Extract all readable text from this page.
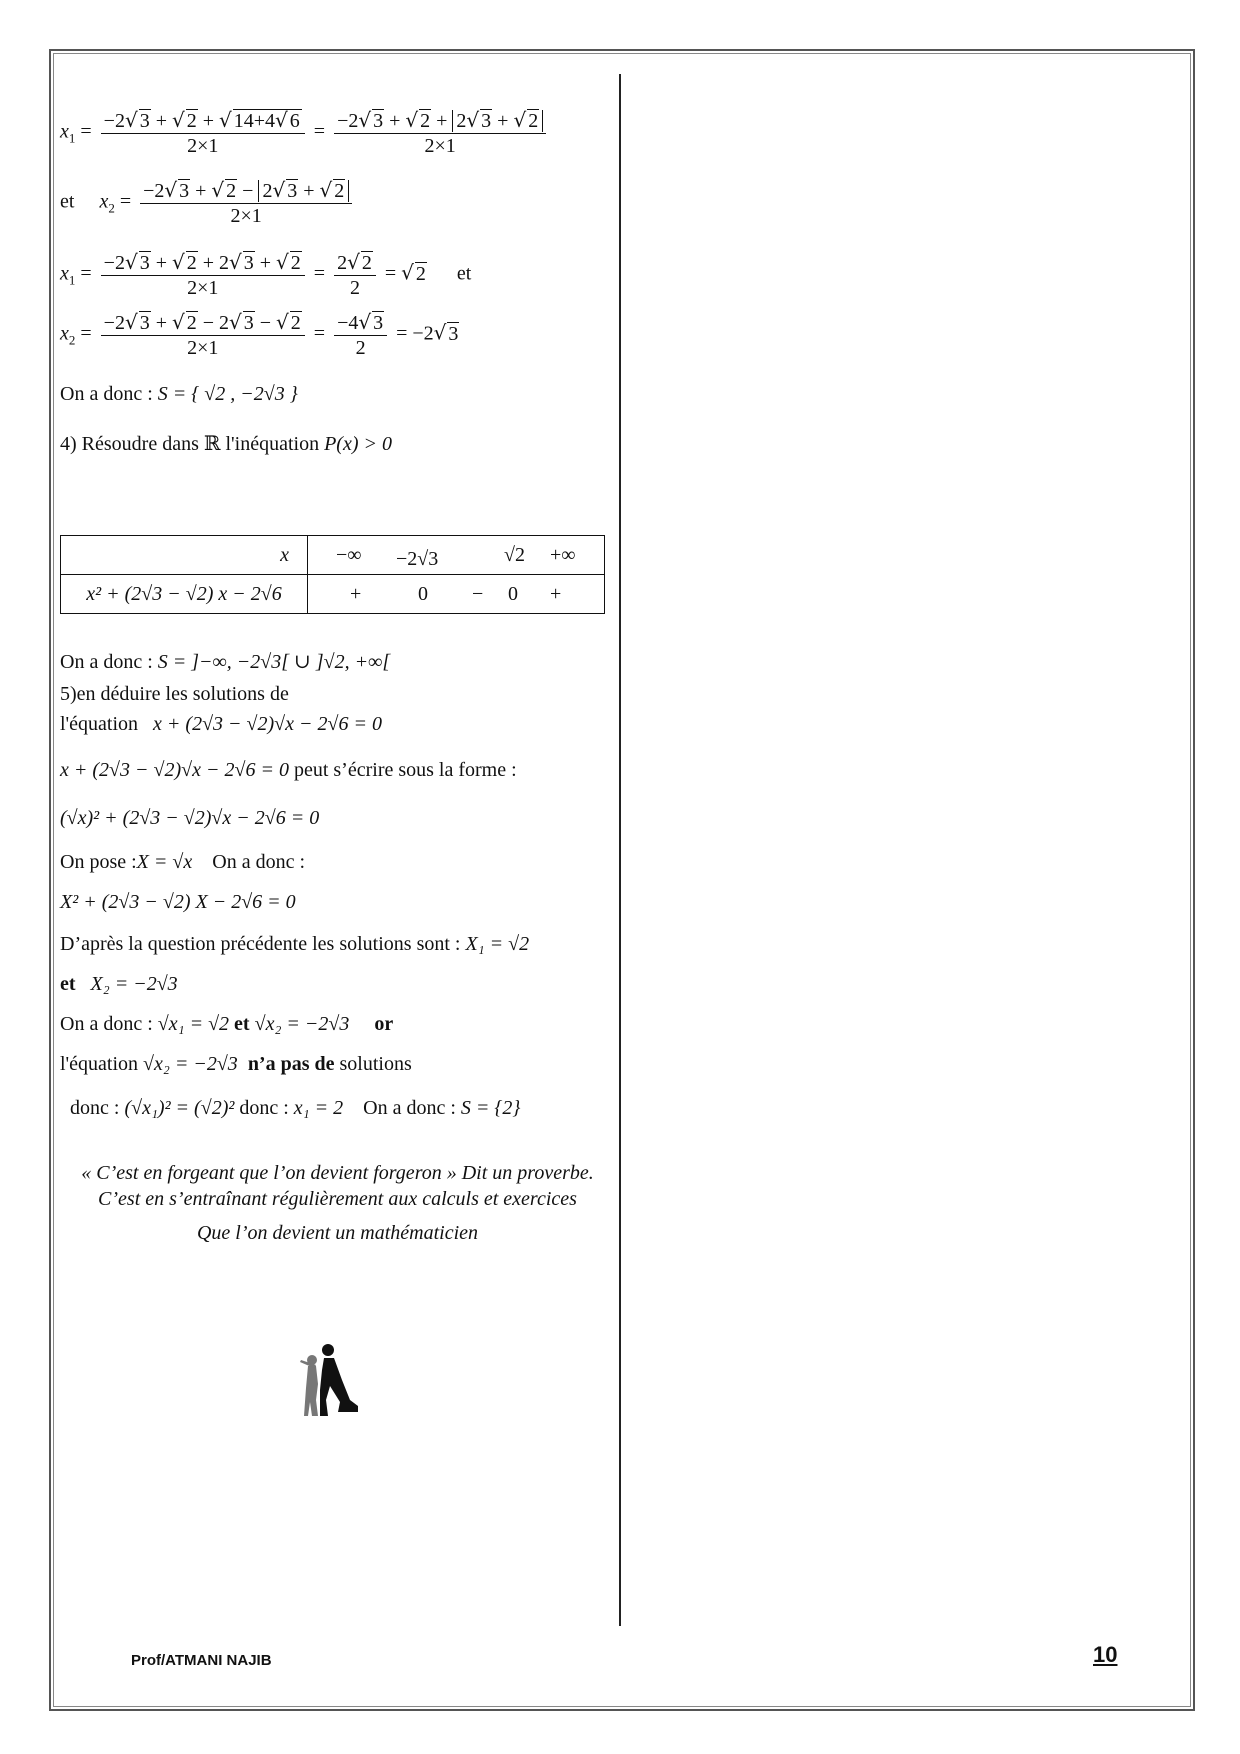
$x_1 = \frac{-2√ 3 + √ 2 + √ 14+4√ 6}{2\times 1} = \frac{-2√ 3 + √ 2 + 2√ 3 + √ 2}{2\times 1}$
et $x_2 = \frac{-2√ 3 + √ 2 - 2√ 3 + √ 2}{2\times 1}$
$x_1 = \frac{-2√ 3 + √ 2 + 2√ 3 + √ 2}{2\times 1} = \frac{2√ 2}{2}$ = √ 2 et
$x_2 = \frac{-2√ 3 + √ 2 - 2√ 3 - √ 2}{2\times 1} = \frac{-4√ 3}{2} = -2√$ 3
On a donc : S = { √2 , −2√3 }
4) Résoudre dans ℝ l'inéquation P(x) > 0
x	−∞ −2√3 √2 +∞

x² + (2√3 − √2) x − 2√6	+ 0 − 0 +
On a donc : S = ]−∞, −2√3[ ∪ ]√2, +∞[
5)en déduire les solutions de
l'équation x + (2√3 − √2)√x − 2√6 = 0
x + (2√3 − √2)√x − 2√6 = 0 peut s’écrire sous la forme :
(√x)² + (2√3 − √2)√x − 2√6 = 0
On pose :X = √x On a donc :
X² + (2√3 − √2) X − 2√6 = 0
D’après la question précédente les solutions sont : X₁ = √2
et X₂ = −2√3
On a donc : √x₁ = √2 et √x₂ = −2√3 or
l'équation √x₂ = −2√3 n’a pas de solutions
donc : (√x₁)² = (√2)² donc : x₁ = 2 On a donc : S = {2}
« C’est en forgeant que l’on devient forgeron » Dit un proverbe.
C’est en s’entraînant régulièrement aux calculs et exercices
Que l’on devient un mathématicien
Prof/ATMANI NAJIB	10
